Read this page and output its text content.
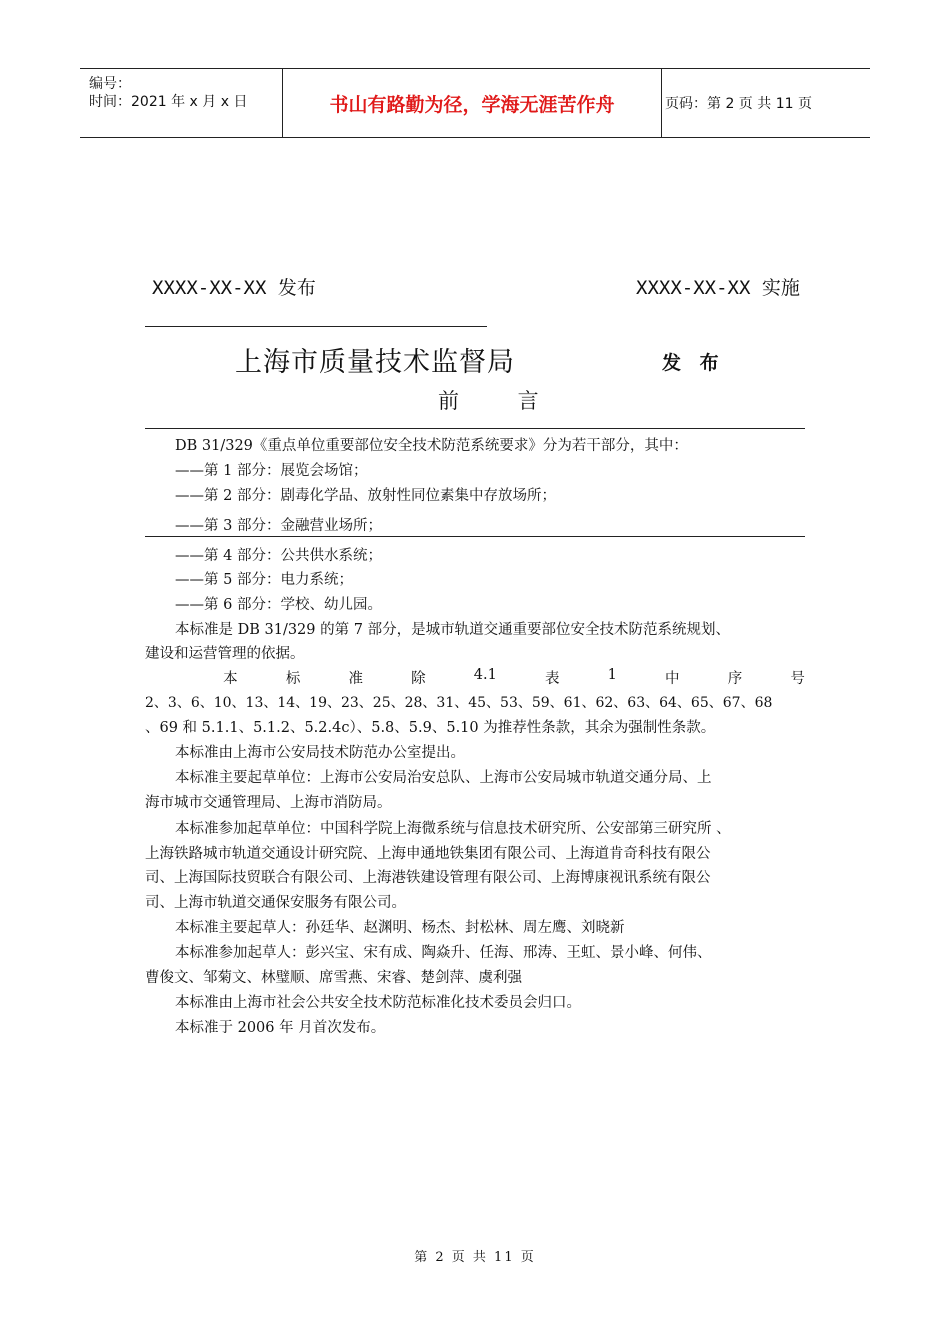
编号：
时间：2021 年 x 月 x 日	书山有路勤为径，学海无涯苦作舟	页码：第 2 页 共 11 页
XXXX-XX-XX 发布	XXXX-XX-XX 实施
上海市质量技术监督局	发 布
前 言
DB 31/329《重点单位重要部位安全技术防范系统要求》分为若干部分，其中：
——第 1 部分：展览会场馆；
——第 2 部分：剧毒化学品、放射性同位素集中存放场所；
——第 3 部分：金融营业场所；
——第 4 部分：公共供水系统；
——第 5 部分：电力系统；
——第 6 部分：学校、幼儿园。
本标准是 DB 31/329 的第 7 部分，是城市轨道交通重要部位安全技术防范系统规划、
建设和运营管理的依据。
本	标	准	除	4.1	表	1	中	序	号
2、3、6、10、13、14、19、23、25、28、31、45、53、59、61、62、63、64、65、67、68
、69 和 5.1.1、5.1.2、5.2.4c）、5.8、5.9、5.10 为推荐性条款，其余为强制性条款。
本标准由上海市公安局技术防范办公室提出。
本标准主要起草单位：上海市公安局治安总队、上海市公安局城市轨道交通分局、上
海市城市交通管理局、上海市消防局。
本标准参加起草单位：中国科学院上海微系统与信息技术研究所、公安部第三研究所 、
上海铁路城市轨道交通设计研究院、上海申通地铁集团有限公司、上海道肯奇科技有限公
司、上海国际技贸联合有限公司、上海港铁建设管理有限公司、上海博康视讯系统有限公
司、上海市轨道交通保安服务有限公司。
本标准主要起草人：孙廷华、赵渊明、杨杰、封松林、周左鹰、刘晓新
本标准参加起草人：彭兴宝、宋有成、陶焱升、任海、邢涛、王虹、景小峰、何伟、
曹俊文、邹菊文、林璧顺、席雪燕、宋睿、楚剑萍、虞利强
本标准由上海市社会公共安全技术防范标准化技术委员会归口。
本标准于 2006 年 月首次发布。
第 2 页 共 11 页
